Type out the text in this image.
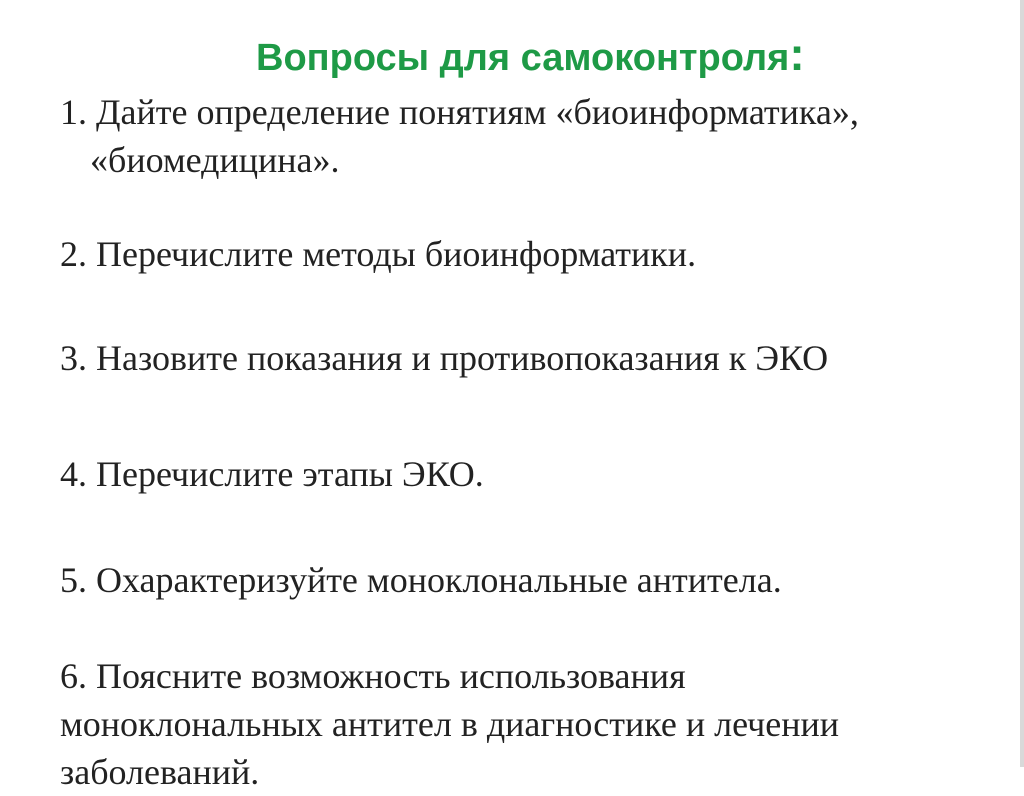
Вопросы для самоконтроля:

1. Дайте определение понятиям «биоинформатика»,
«биомедицина».

2. Перечислите методы биоинформатики.

3. Назовите показания и противопоказания к ЭКО

4. Перечислите этапы ЭКО.

5. Охарактеризуйте моноклональные антитела.

6. Поясните возможность использования
моноклональных антител в диагностике и лечении
заболеваний.
